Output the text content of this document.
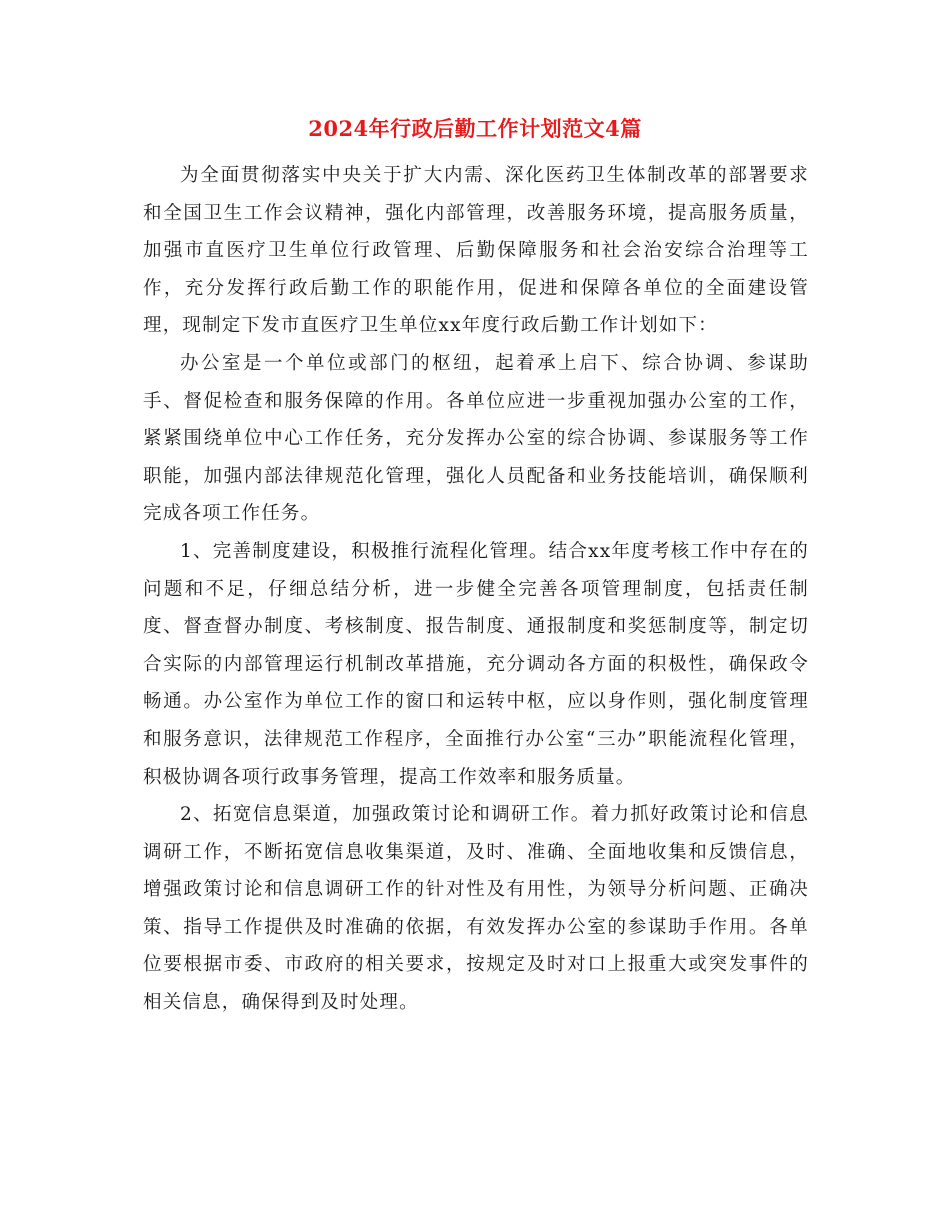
2024年行政后勤工作计划范文4篇

为全面贯彻落实中央关于扩大内需、深化医药卫生体制改革的部署要求和全国卫生工作会议精神，强化内部管理，改善服务环境，提高服务质量，加强市直医疗卫生单位行政管理、后勤保障服务和社会治安综合治理等工作，充分发挥行政后勤工作的职能作用，促进和保障各单位的全面建设管理，现制定下发市直医疗卫生单位xx年度行政后勤工作计划如下：

办公室是一个单位或部门的枢纽，起着承上启下、综合协调、参谋助手、督促检查和服务保障的作用。各单位应进一步重视加强办公室的工作，紧紧围绕单位中心工作任务，充分发挥办公室的综合协调、参谋服务等工作职能，加强内部法律规范化管理，强化人员配备和业务技能培训，确保顺利完成各项工作任务。

1、完善制度建设，积极推行流程化管理。结合xx年度考核工作中存在的问题和不足，仔细总结分析，进一步健全完善各项管理制度，包括责任制度、督查督办制度、考核制度、报告制度、通报制度和奖惩制度等，制定切合实际的内部管理运行机制改革措施，充分调动各方面的积极性，确保政令畅通。办公室作为单位工作的窗口和运转中枢，应以身作则，强化制度管理和服务意识，法律规范工作程序，全面推行办公室“三办”职能流程化管理，积极协调各项行政事务管理，提高工作效率和服务质量。

2、拓宽信息渠道，加强政策讨论和调研工作。着力抓好政策讨论和信息调研工作，不断拓宽信息收集渠道，及时、准确、全面地收集和反馈信息，增强政策讨论和信息调研工作的针对性及有用性，为领导分析问题、正确决策、指导工作提供及时准确的依据，有效发挥办公室的参谋助手作用。各单位要根据市委、市政府的相关要求，按规定及时对口上报重大或突发事件的相关信息，确保得到及时处理。
